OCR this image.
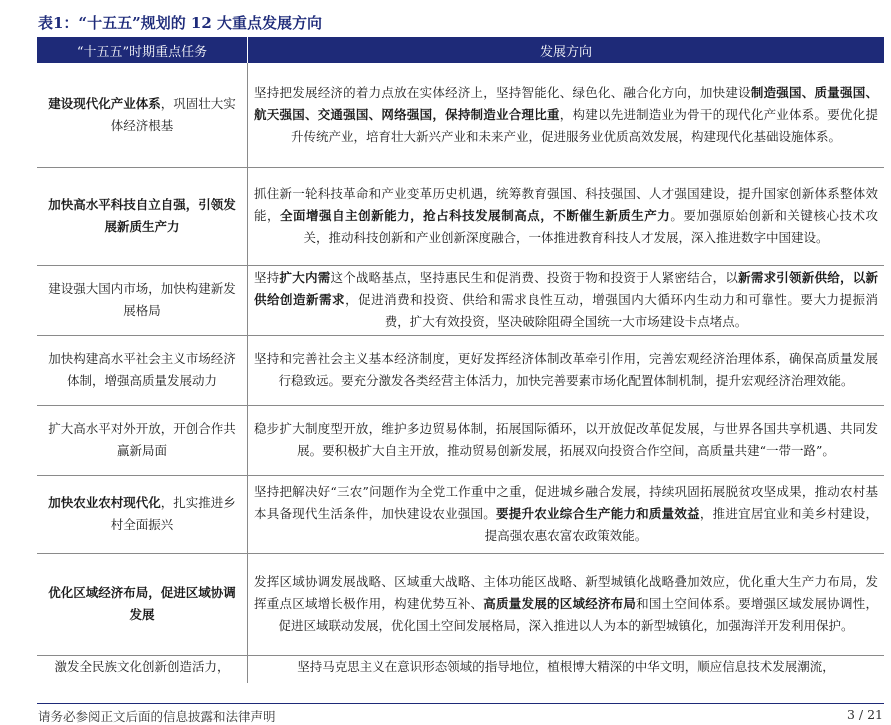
表1：“十五五”规划的 12 大重点发展方向
“十五五”时期重点任务	发展方向
建设现代化产业体系，巩固壮大实体经济根基	坚持把发展经济的着力点放在实体经济上，坚持智能化、绿色化、融合化方向，加快建设制造强国、质量强国、航天强国、交通强国、网络强国，保持制造业合理比重，构建以先进制造业为骨干的现代化产业体系。要优化提升传统产业，培育壮大新兴产业和未来产业，促进服务业优质高效发展，构建现代化基础设施体系。
加快高水平科技自立自强，引领发展新质生产力	抓住新一轮科技革命和产业变革历史机遇，统筹教育强国、科技强国、人才强国建设，提升国家创新体系整体效能，全面增强自主创新能力，抢占科技发展制高点，不断催生新质生产力。要加强原始创新和关键核心技术攻关，推动科技创新和产业创新深度融合，一体推进教育科技人才发展，深入推进数字中国建设。
建设强大国内市场，加快构建新发展格局	坚持扩大内需这个战略基点，坚持惠民生和促消费、投资于物和投资于人紧密结合，以新需求引领新供给，以新供给创造新需求，促进消费和投资、供给和需求良性互动，增强国内大循环内生动力和可靠性。要大力提振消费，扩大有效投资，坚决破除阻碍全国统一大市场建设卡点堵点。
加快构建高水平社会主义市场经济体制，增强高质量发展动力	坚持和完善社会主义基本经济制度，更好发挥经济体制改革牵引作用，完善宏观经济治理体系，确保高质量发展行稳致远。要充分激发各类经营主体活力，加快完善要素市场化配置体制机制，提升宏观经济治理效能。
扩大高水平对外开放，开创合作共赢新局面	稳步扩大制度型开放，维护多边贸易体制，拓展国际循环，以开放促改革促发展，与世界各国共享机遇、共同发展。要积极扩大自主开放，推动贸易创新发展，拓展双向投资合作空间，高质量共建“一带一路”。
加快农业农村现代化，扎实推进乡村全面振兴	坚持把解决好“三农”问题作为全党工作重中之重，促进城乡融合发展，持续巩固拓展脱贫攻坚成果，推动农村基本具备现代生活条件，加快建设农业强国。要提升农业综合生产能力和质量效益，推进宜居宜业和美乡村建设，提高强农惠农富农政策效能。
优化区域经济布局，促进区域协调发展	发挥区域协调发展战略、区域重大战略、主体功能区战略、新型城镇化战略叠加效应，优化重大生产力布局，发挥重点区域增长极作用，构建优势互补、高质量发展的区域经济布局和国土空间体系。要增强区域发展协调性，促进区域联动发展，优化国土空间发展格局，深入推进以人为本的新型城镇化，加强海洋开发利用保护。
激发全民族文化创新创造活力，	坚持马克思主义在意识形态领域的指导地位，植根博大精深的中华文明，顺应信息技术发展潮流，
请务必参阅正文后面的信息披露和法律声明	3 / 21
